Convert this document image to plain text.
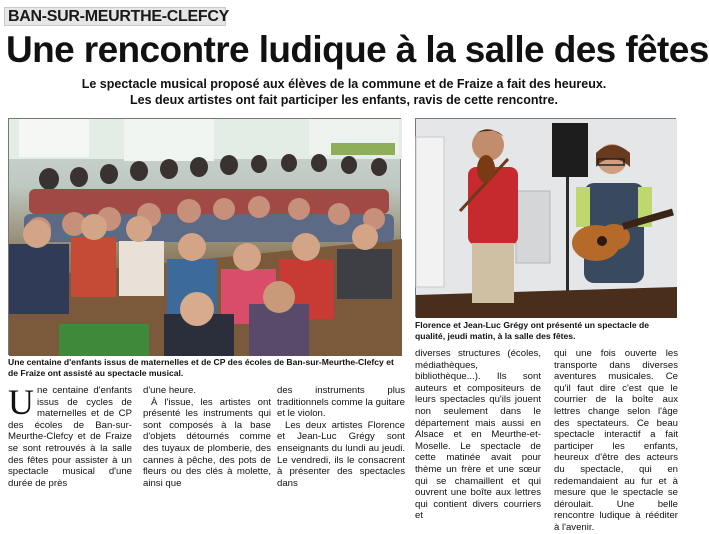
BAN-SUR-MEURTHE-CLEFCY
Une rencontre ludique à la salle des fêtes

Le spectacle musical proposé aux élèves de la commune et de Fraize a fait des heureux.

Les deux artistes ont fait participer les enfants, ravis de cette rencontre.

Une centaine d'enfants issus de maternelles et de CP des écoles de Ban-sur-Meurthe-Clefcy et de Fraize ont assisté au spectacle musical.
Florence et Jean-Luc Grégy ont présenté un spectacle de qualité, jeudi matin, à la salle des fêtes.
U ne centaine d'enfants issus de cycles de maternelles et de CP des écoles de Ban-sur-Meurthe-Clefcy et de Fraize se sont retrouvés à la salle des fêtes pour assister à un spectacle musical d'une durée de près

d'une heure.

À l'issue, les artistes ont présenté les instruments qui sont composés à la base d'objets détournés comme des tuyaux de plomberie, des cannes à pêche, des pots de fleurs ou des clés à molette, ainsi que

des instruments plus traditionnels comme la guitare et le violon.

Les deux artistes Florence et Jean-Luc Grégy sont enseignants du lundi au jeudi. Le vendredi, ils le consacrent à présenter des spectacles dans

diverses structures (écoles, médiathèques, bibliothèque...). Ils sont auteurs et compositeurs de leurs spectacles qu'ils jouent non seulement dans le département mais aussi en Alsace et en Meurthe-et-Moselle. Le spectacle de cette matinée avait pour thème un frère et une sœur qui se chamaillent et qui ouvrent une boîte aux lettres qui contient divers courriers et

qui une fois ouverte les transporte dans diverses aventures musicales. Ce qu'il faut dire c'est que le courrier de la boîte aux lettres change selon l'âge des spectateurs. Ce beau spectacle interactif a fait participer les enfants, heureux d'être des acteurs du spectacle, qui en redemandaient au fur et à mesure que le spectacle se déroulait. Une belle rencontre ludique à rééditer à l'avenir.
